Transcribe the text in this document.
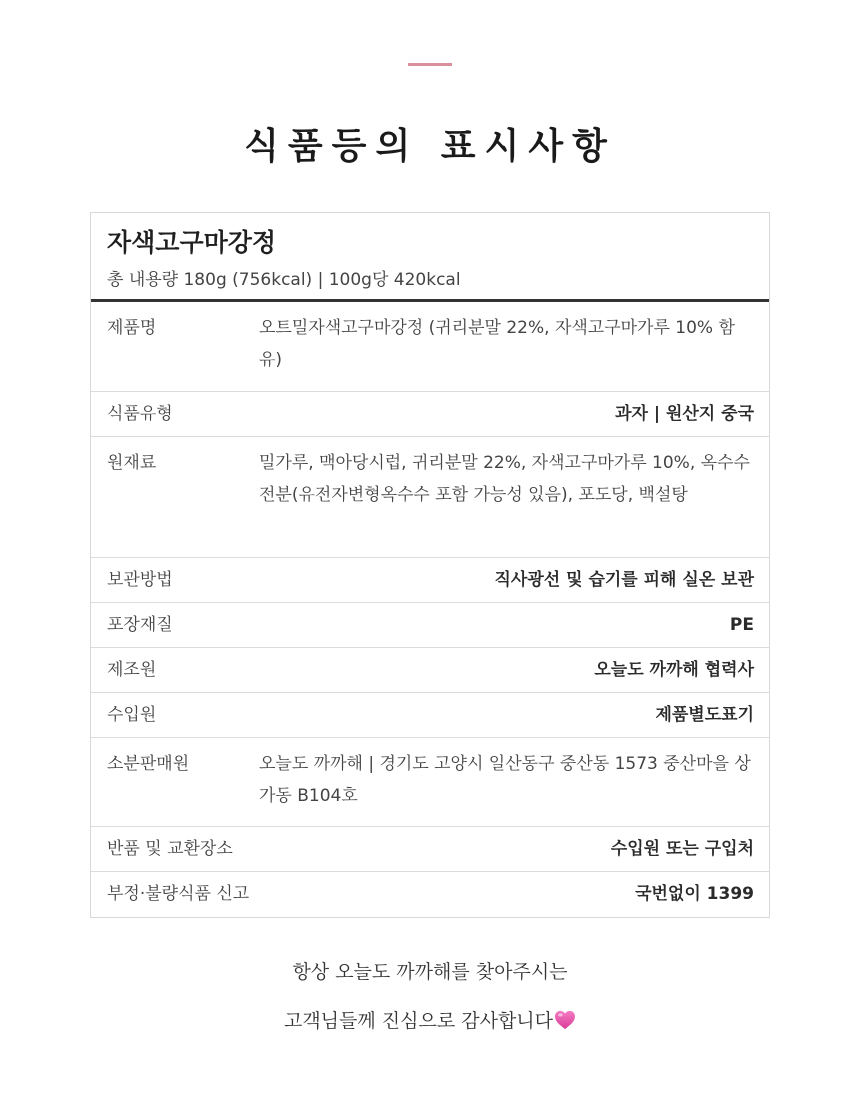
식품등의 표시사항
자색고구마강정
총 내용량 180g (756kcal) | 100g당 420kcal
제품명	오트밀자색고구마강정 (귀리분말 22%, 자색고구마가루 10% 함유)
식품유형	과자 | 원산지 중국
원재료	밀가루, 맥아당시럽, 귀리분말 22%, 자색고구마가루 10%, 옥수수전분(유전자변형옥수수 포함 가능성 있음), 포도당, 백설탕
보관방법	직사광선 및 습기를 피해 실온 보관
포장재질	PE
제조원	오늘도 까까해 협력사
수입원	제품별도표기
소분판매원	오늘도 까까해 | 경기도 고양시 일산동구 중산동 1573 중산마을 상가동 B104호
반품 및 교환장소	수입원 또는 구입처
부정·불량식품 신고	국번없이 1399
항상 오늘도 까까해를 찾아주시는
고객님들께 진심으로 감사합니다
